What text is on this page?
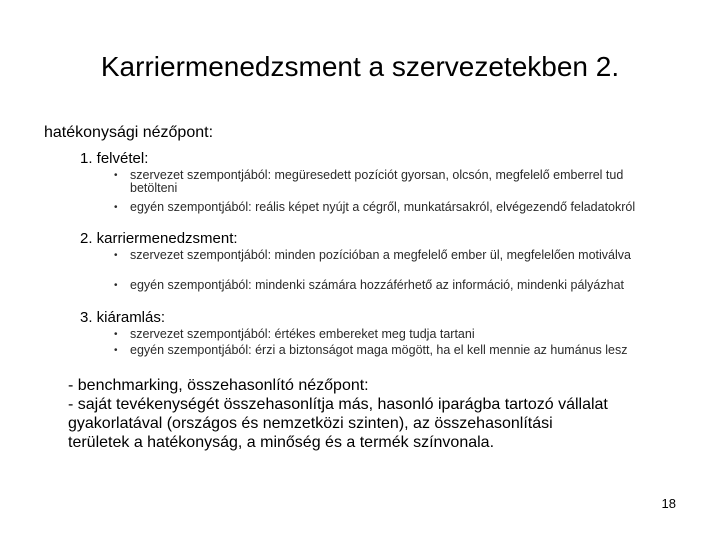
Karriermenedzsment a szervezetekben 2.
hatékonysági nézőpont:
1. felvétel:
• szervezet szempontjából: megüresedett pozíciót gyorsan, olcsón, megfelelő emberrel tud betölteni
• egyén szempontjából: reális képet nyújt a cégről, munkatársakról, elvégezendő feladatokról
2. karriermenedzsment:
• szervezet szempontjából: minden pozícióban a megfelelő ember ül, megfelelően motiválva
• egyén szempontjából: mindenki számára hozzáférhető az információ, mindenki pályázhat
3. kiáramlás:
• szervezet szempontjából: értékes embereket meg tudja tartani
• egyén szempontjából: érzi a biztonságot maga mögött, ha el kell mennie az humánus lesz
- benchmarking, összehasonlító nézőpont:
- saját tevékenységét összehasonlítja más, hasonló iparágba tartozó vállalat
gyakorlatával (országos és nemzetközi szinten), az összehasonlítási
területek a hatékonyság, a minőség és a termék színvonala.
18
